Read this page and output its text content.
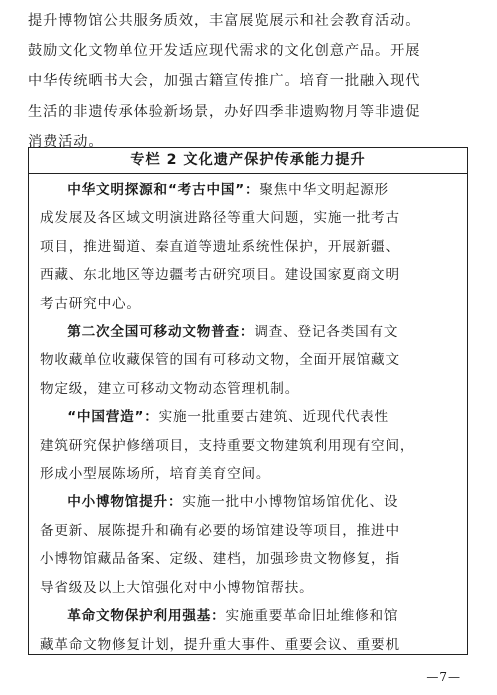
提升博物馆公共服务质效，丰富展览展示和社会教育活动。
鼓励文化文物单位开发适应现代需求的文化创意产品。开展
中华传统晒书大会，加强古籍宣传推广。培育一批融入现代
生活的非遗传承体验新场景，办好四季非遗购物月等非遗促
消费活动。
专栏 2 文化遗产保护传承能力提升

中华文明探源和“考古中国”：聚焦中华文明起源形
成发展及各区域文明演进路径等重大问题，实施一批考古
项目，推进蜀道、秦直道等遗址系统性保护，开展新疆、
西藏、东北地区等边疆考古研究项目。建设国家夏商文明
考古研究中心。

第二次全国可移动文物普查：调查、登记各类国有文
物收藏单位收藏保管的国有可移动文物，全面开展馆藏文
物定级，建立可移动文物动态管理机制。

“中国营造”：实施一批重要古建筑、近现代代表性
建筑研究保护修缮项目，支持重要文物建筑利用现有空间，
形成小型展陈场所，培育美育空间。

中小博物馆提升：实施一批中小博物馆场馆优化、设
备更新、展陈提升和确有必要的场馆建设等项目，推进中
小博物馆藏品备案、定级、建档，加强珍贵文物修复，指
导省级及以上大馆强化对中小博物馆帮扶。

革命文物保护利用强基：实施重要革命旧址维修和馆
藏革命文物修复计划，提升重大事件、重要会议、重要机

—7—
